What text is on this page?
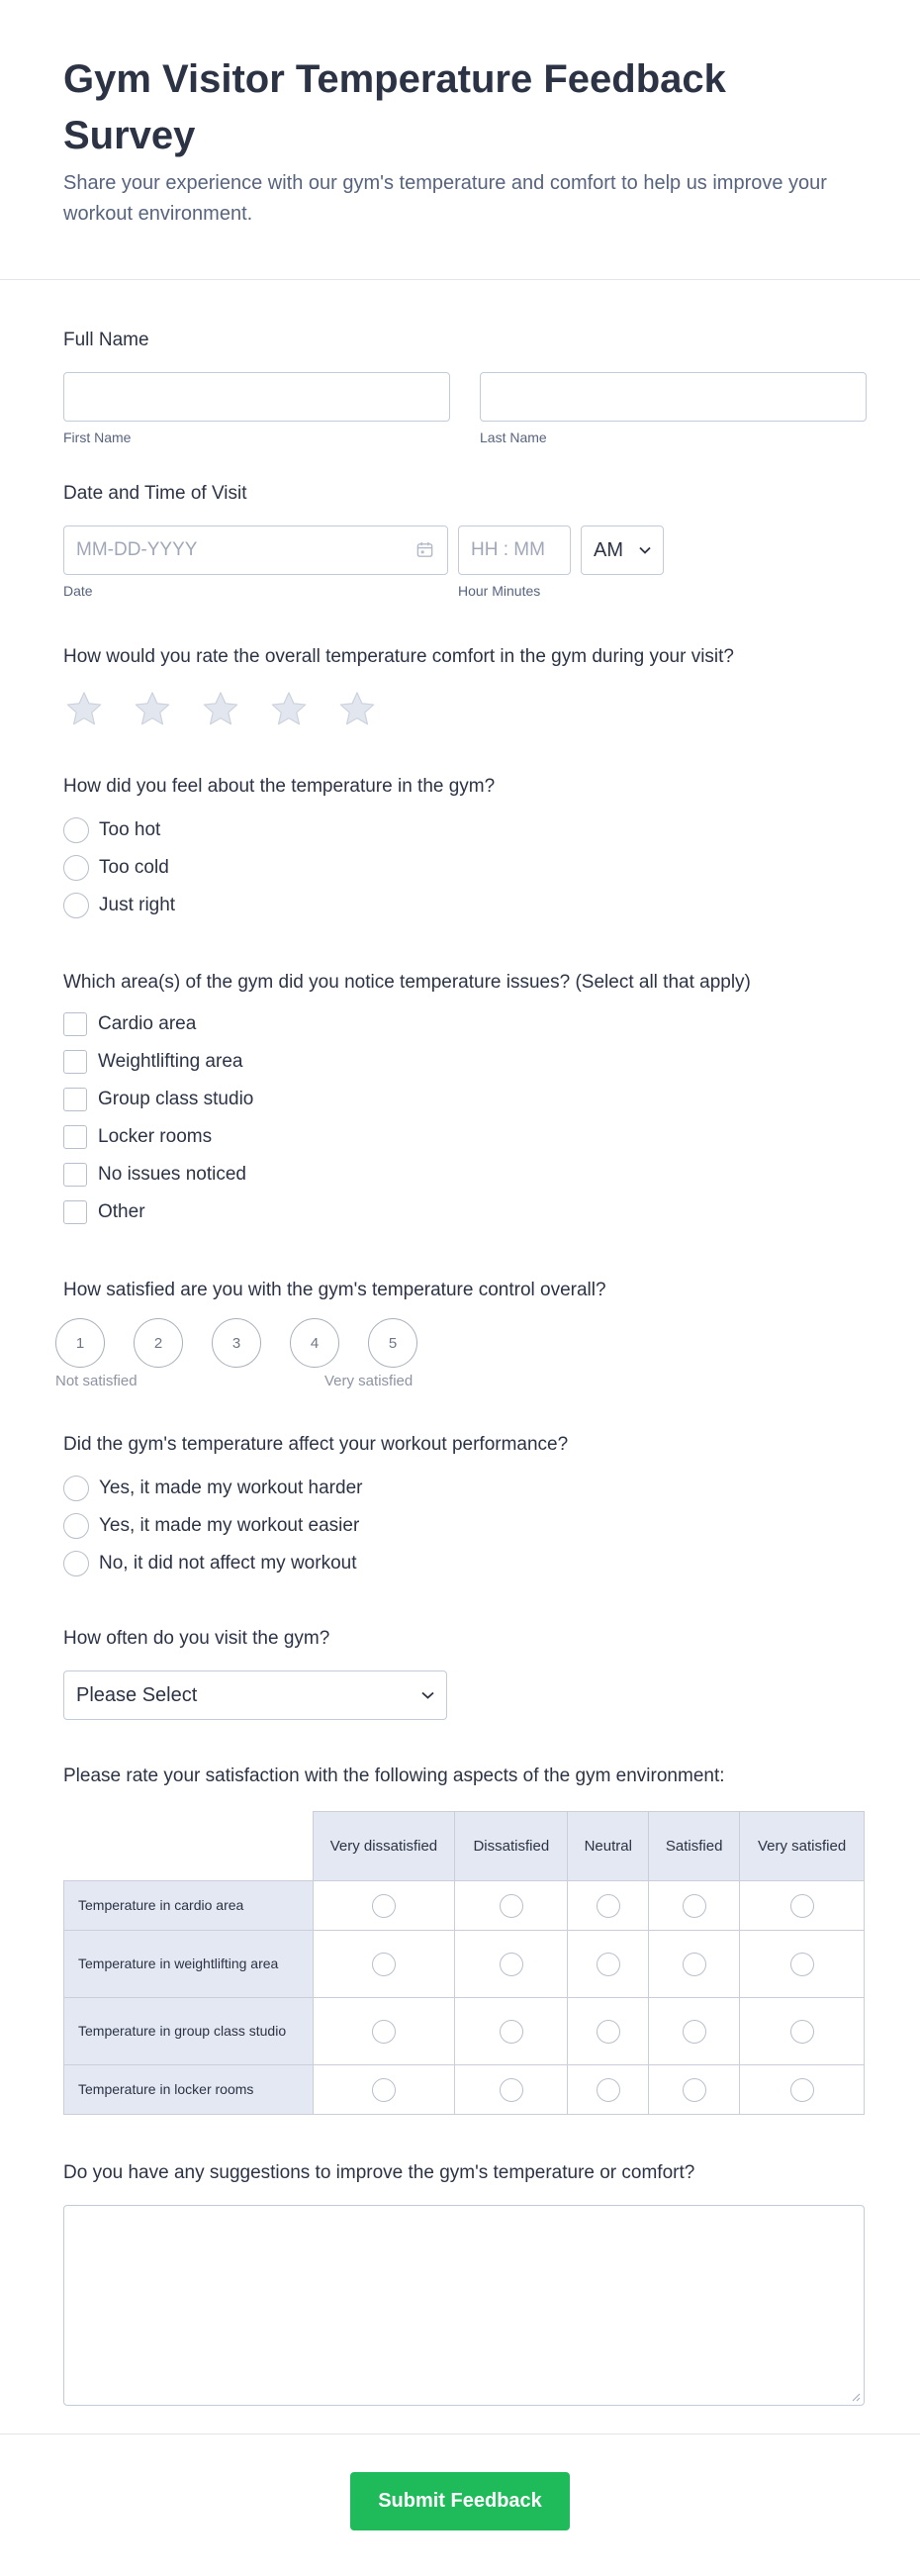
Gym Visitor Temperature Feedback Survey

Share your experience with our gym's temperature and comfort to help us improve your workout environment.

Full Name
First Name	Last Name
Date and Time of Visit
MM-DD-YYYY
Date
HH : MM	Hour Minutes
AM
How would you rate the overall temperature comfort in the gym during your visit?
How did you feel about the temperature in the gym?
Too hot
Too cold
Just right
Which area(s) of the gym did you notice temperature issues? (Select all that apply)
Cardio area
Weightlifting area
Group class studio
Locker rooms
No issues noticed
Other
How satisfied are you with the gym's temperature control overall?
1	2	3	4	5
Not satisfied	Very satisfied
Did the gym's temperature affect your workout performance?
Yes, it made my workout harder
Yes, it made my workout easier
No, it did not affect my workout
How often do you visit the gym?
Please Select
Please rate your satisfaction with the following aspects of the gym environment:
	Very dissatisfied	Dissatisfied	Neutral	Satisfied	Very satisfied
Temperature in cardio area					
Temperature in weightlifting area					
Temperature in group class studio					
Temperature in locker rooms					
Do you have any suggestions to improve the gym's temperature or comfort?
Submit Feedback
